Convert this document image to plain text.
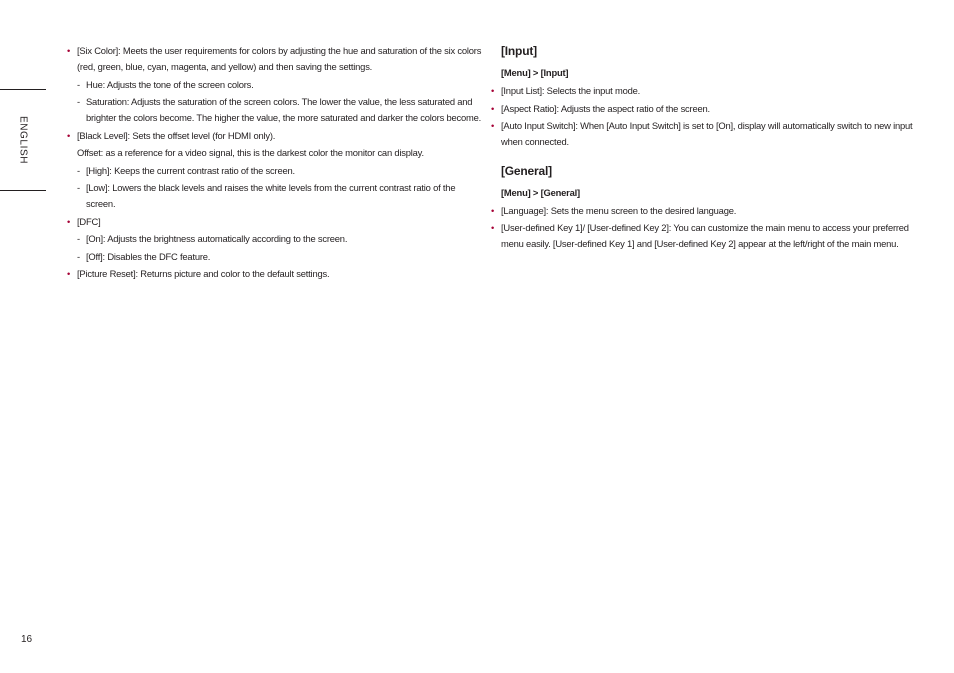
ENGLISH
• [Six Color]: Meets the user requirements for colors by adjusting the hue and saturation of the six colors (red, green, blue, cyan, magenta, and yellow) and then saving the settings.
- Hue: Adjusts the tone of the screen colors.
- Saturation: Adjusts the saturation of the screen colors. The lower the value, the less saturated and brighter the colors become. The higher the value, the more saturated and darker the colors become.
• [Black Level]: Sets the offset level (for HDMI only).
Offset: as a reference for a video signal, this is the darkest color the monitor can display.
- [High]: Keeps the current contrast ratio of the screen.
- [Low]: Lowers the black levels and raises the white levels from the current contrast ratio of the screen.
• [DFC]
- [On]: Adjusts the brightness automatically according to the screen.
- [Off]: Disables the DFC feature.
• [Picture Reset]: Returns picture and color to the default settings.
[Input]
[Menu] > [Input]
• [Input List]: Selects the input mode.
• [Aspect Ratio]: Adjusts the aspect ratio of the screen.
• [Auto Input Switch]: When [Auto Input Switch] is set to [On], display will automatically switch to new input when connected.
[General]
[Menu] > [General]
• [Language]: Sets the menu screen to the desired language.
• [User-defined Key 1]/ [User-defined Key 2]: You can customize the main menu to access your preferred menu easily. [User-defined Key 1] and [User-defined Key 2] appear at the left/right of the main menu.
16
